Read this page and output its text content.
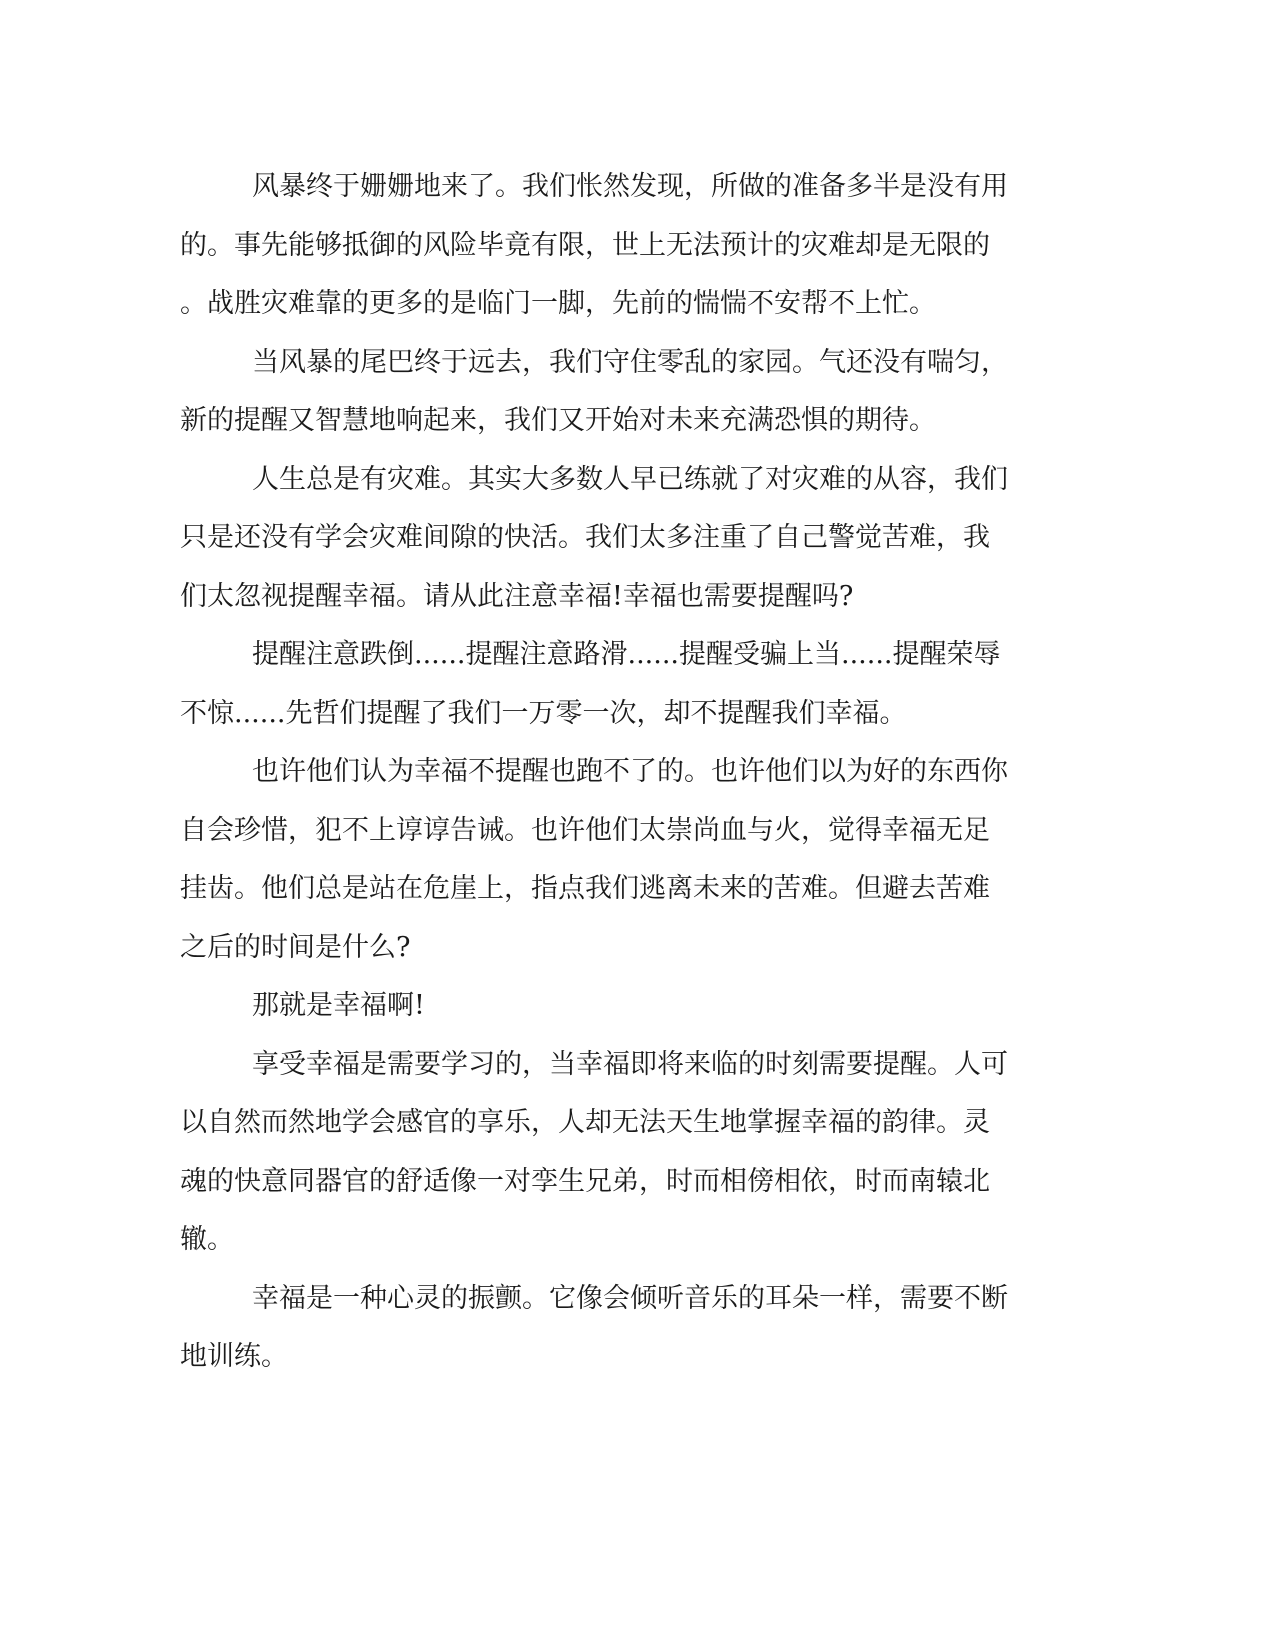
风暴终于姗姗地来了。我们怅然发现，所做的准备多半是没有用
的。事先能够抵御的风险毕竟有限，世上无法预计的灾难却是无限的
。战胜灾难靠的更多的是临门一脚，先前的惴惴不安帮不上忙。
当风暴的尾巴终于远去，我们守住零乱的家园。气还没有喘匀，
新的提醒又智慧地响起来，我们又开始对未来充满恐惧的期待。
人生总是有灾难。其实大多数人早已练就了对灾难的从容，我们
只是还没有学会灾难间隙的快活。我们太多注重了自己警觉苦难，我
们太忽视提醒幸福。请从此注意幸福!幸福也需要提醒吗?
提醒注意跌倒......提醒注意路滑......提醒受骗上当......提醒荣辱
不惊......先哲们提醒了我们一万零一次，却不提醒我们幸福。
也许他们认为幸福不提醒也跑不了的。也许他们以为好的东西你
自会珍惜，犯不上谆谆告诫。也许他们太崇尚血与火，觉得幸福无足
挂齿。他们总是站在危崖上，指点我们逃离未来的苦难。但避去苦难
之后的时间是什么?
那就是幸福啊!
享受幸福是需要学习的，当幸福即将来临的时刻需要提醒。人可
以自然而然地学会感官的享乐，人却无法天生地掌握幸福的韵律。灵
魂的快意同器官的舒适像一对孪生兄弟，时而相傍相依，时而南辕北
辙。
幸福是一种心灵的振颤。它像会倾听音乐的耳朵一样，需要不断
地训练。
